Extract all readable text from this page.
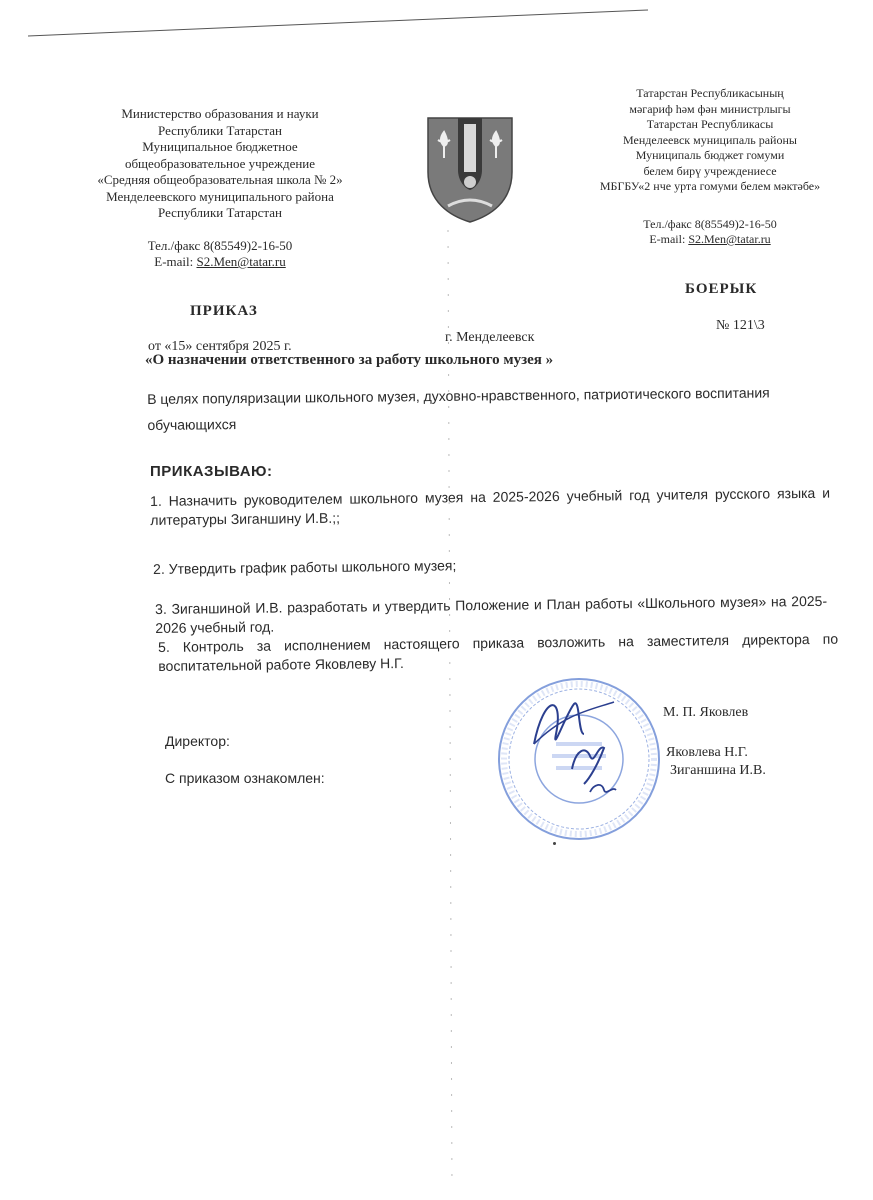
Министерство образования и науки
Республики Татарстан
Муниципальное бюджетное
общеобразовательное учреждение
«Средняя общеобразовательная школа № 2»
Менделеевского муниципального района
Республики Татарстан
Тел./факс 8(85549)2-16-50
E-mail: S2.Men@tatar.ru
Татарстан Республикасының
мәгариф һәм фән министрлыгы
Татарстан Республикасы
Менделеевск муниципаль районы
Муниципаль бюджет гомуми
белем бирү учреждениесе
МБГБУ«2 нче урта гомуми белем мәктәбе»
Тел./факс 8(85549)2-16-50
E-mail: S2.Men@tatar.ru
ПРИКАЗ
БОЕРЫК
№ 121\3
г. Менделеевск
от «15» сентября 2025 г.
«О назначении ответственного за работу школьного музея »
В целях популяризации школьного музея, духовно-нравственного, патриотического воспитания обучающихся
ПРИКАЗЫВАЮ:
1. Назначить руководителем школьного музея на 2025-2026 учебный год учителя русского языка и литературы Зиганшину И.В.;;
2. Утвердить график работы школьного музея;
3. Зиганшиной И.В. разработать и утвердить Положение и План работы «Школьного музея» на 2025-2026 учебный год.
5. Контроль за исполнением настоящего приказа возложить на заместителя директора по воспитательной работе Яковлеву Н.Г.
Директор:
С приказом ознакомлен:
М. П. Яковлев
Яковлева Н.Г.
Зиганшина И.В.
